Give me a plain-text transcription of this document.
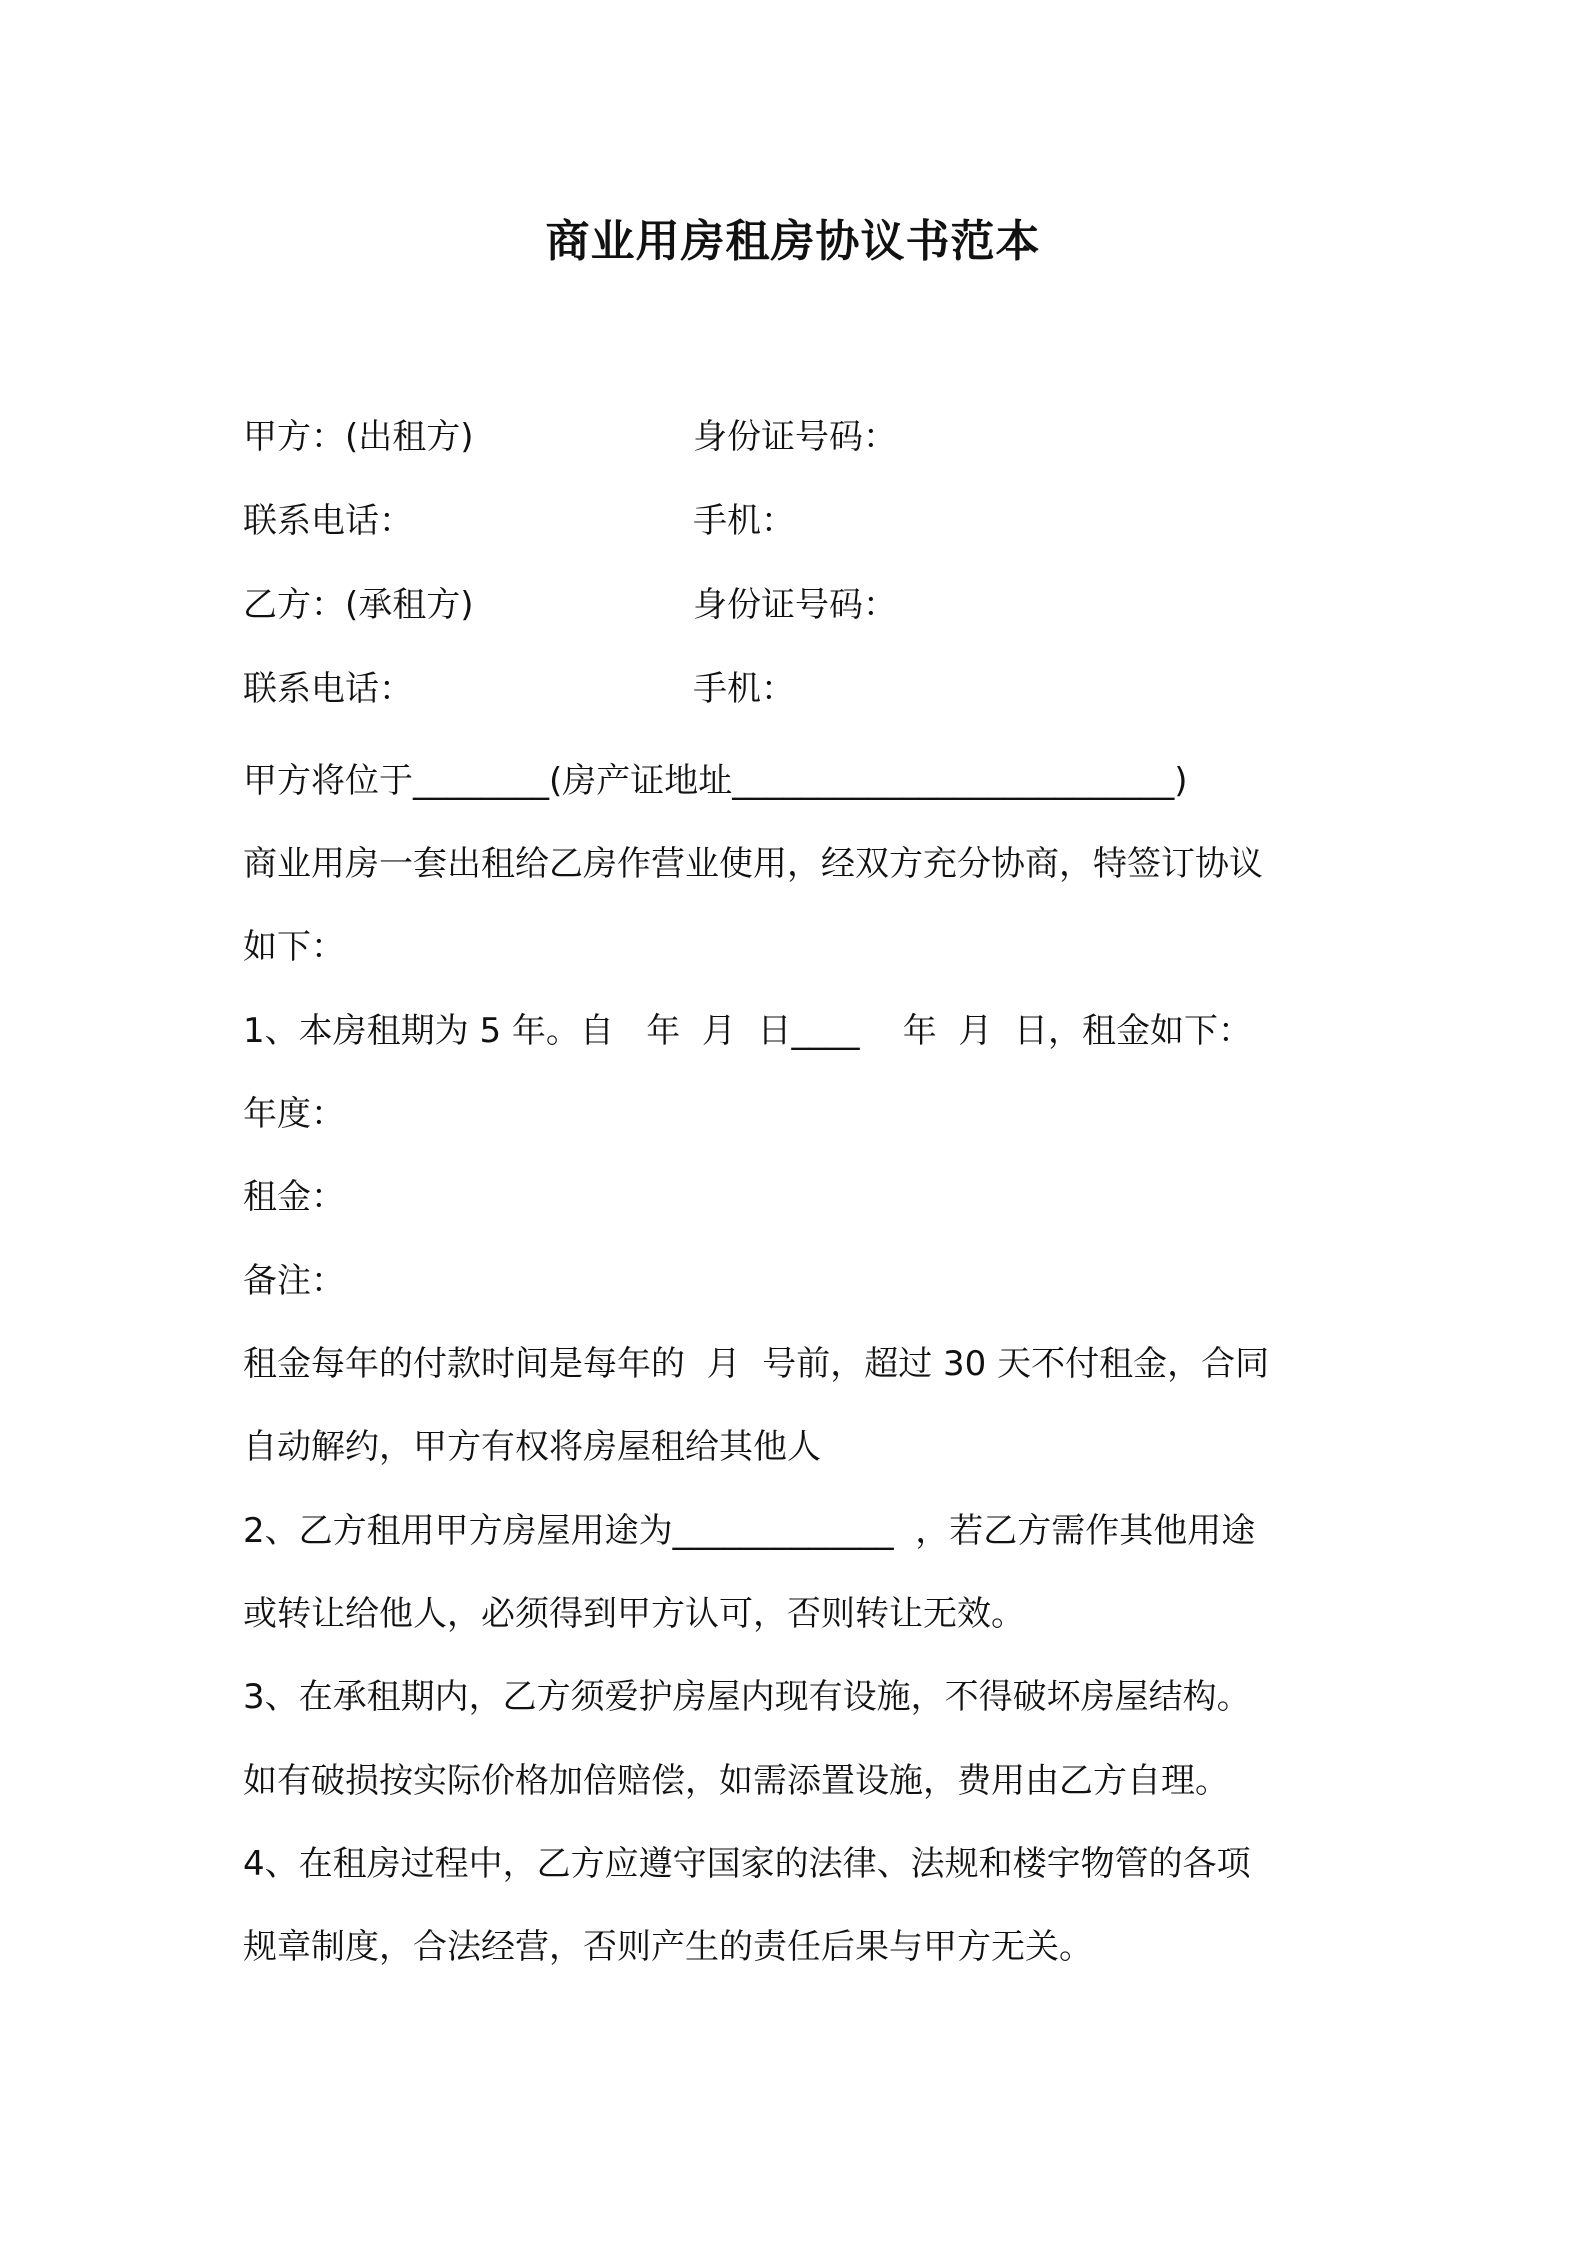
商业用房租房协议书范本
甲方：(出租方)	身份证号码：
联系电话：	手机：
乙方：(承租方)	身份证号码：
联系电话：	手机：
甲方将位于________(房产证地址__________________________)
商业用房一套出租给乙房作营业使用，经双方充分协商，特签订协议
如下：
1、本房租期为 5 年。自   年  月  日____    年  月  日，租金如下：
年度：
租金：
备注：
租金每年的付款时间是每年的  月  号前，超过 30 天不付租金，合同
自动解约，甲方有权将房屋租给其他人
2、乙方租用甲方房屋用途为_____________  ，若乙方需作其他用途
或转让给他人，必须得到甲方认可，否则转让无效。
3、在承租期内，乙方须爱护房屋内现有设施，不得破坏房屋结构。
如有破损按实际价格加倍赔偿，如需添置设施，费用由乙方自理。
4、在租房过程中，乙方应遵守国家的法律、法规和楼宇物管的各项
规章制度，合法经营，否则产生的责任后果与甲方无关。
